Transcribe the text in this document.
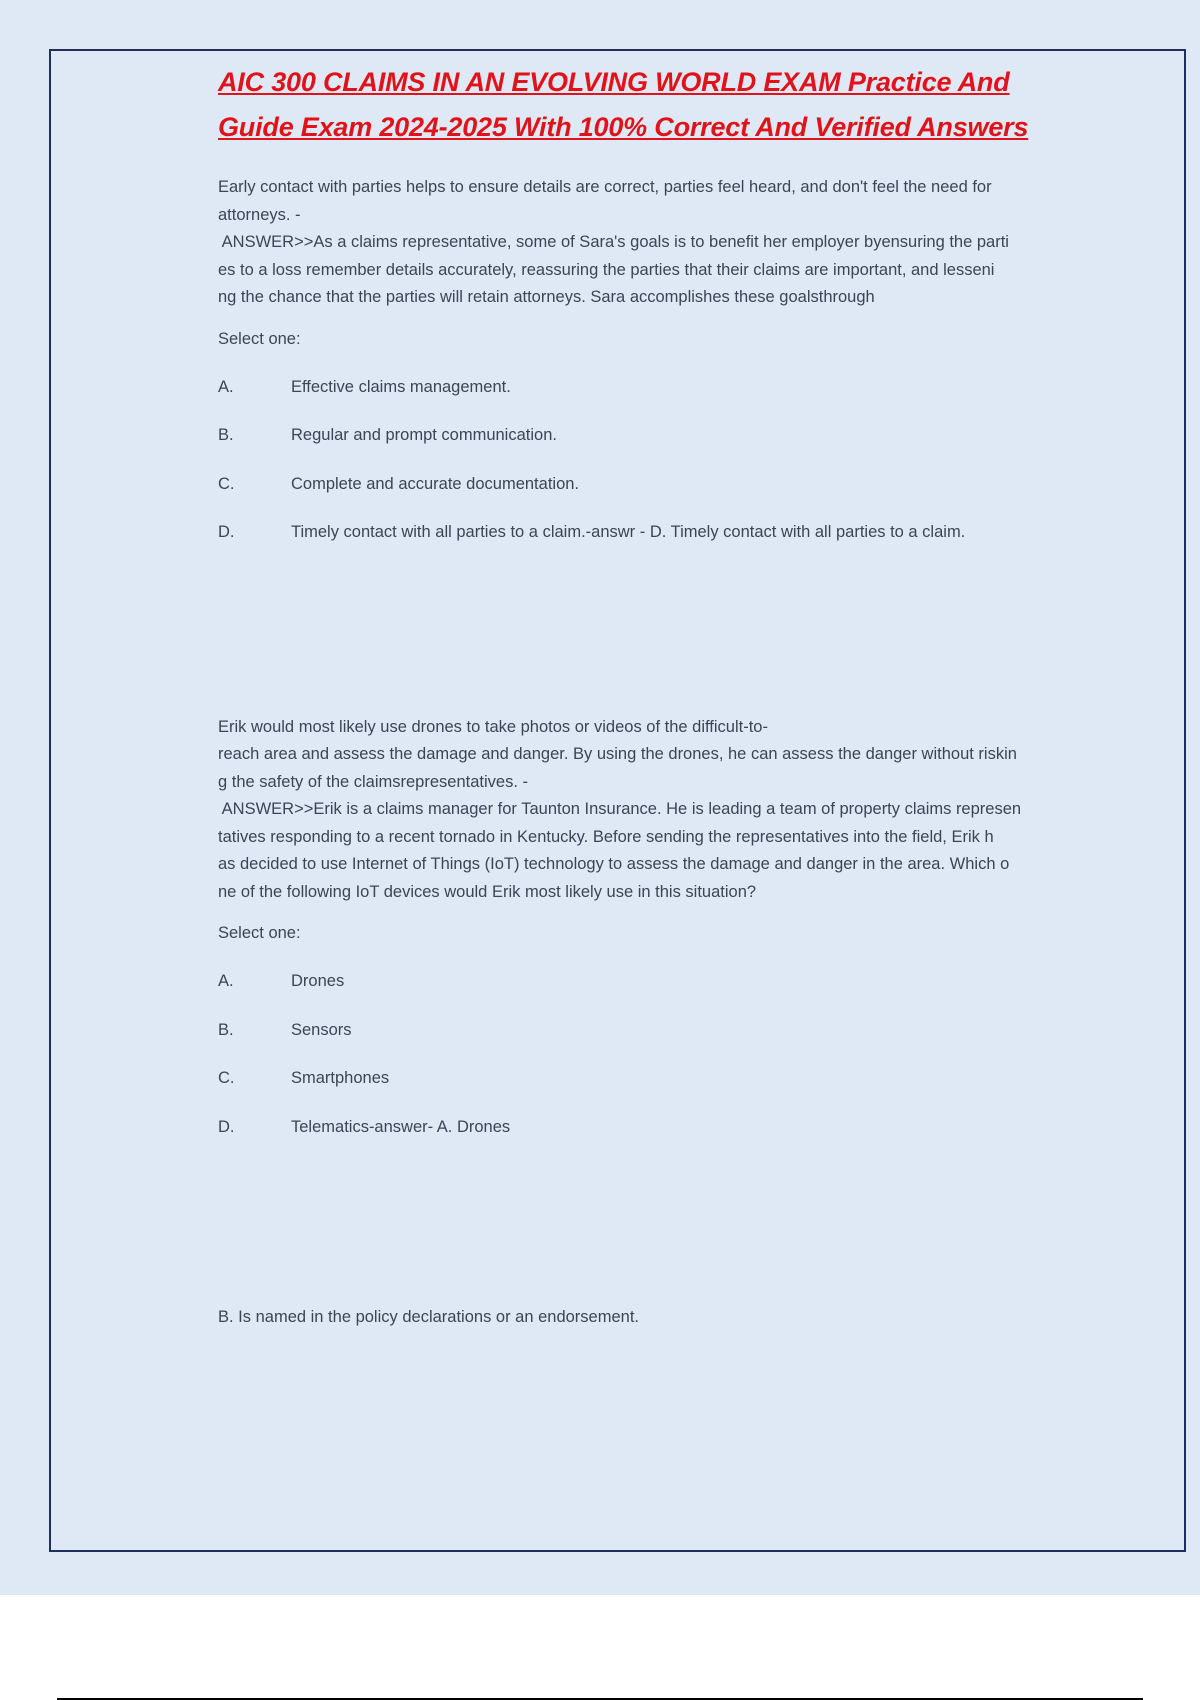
AIC 300 CLAIMS IN AN EVOLVING WORLD EXAM Practice And
Guide Exam 2024-2025 With 100% Correct And Verified Answers

Early contact with parties helps to ensure details are correct, parties feel heard, and don't feel the need for
attorneys. -
ANSWER>>As a claims representative, some of Sara's goals is to benefit her employer byensuring the parti
es to a loss remember details accurately, reassuring the parties that their claims are important, and lesseni
ng the chance that the parties will retain attorneys. Sara accomplishes these goalsthrough

Select one:

A.	Effective claims management.
B.	Regular and prompt communication.
C.	Complete and accurate documentation.
D.	Timely contact with all parties to a claim.-answr - D. Timely contact with all parties to a claim.

Erik would most likely use drones to take photos or videos of the difficult-to-
reach area and assess the damage and danger. By using the drones, he can assess the danger without riskin
g the safety of the claimsrepresentatives. -
ANSWER>>Erik is a claims manager for Taunton Insurance. He is leading a team of property claims represen
tatives responding to a recent tornado in Kentucky. Before sending the representatives into the field, Erik h
as decided to use Internet of Things (IoT) technology to assess the damage and danger in the area. Which o
ne of the following IoT devices would Erik most likely use in this situation?

Select one:

A.	Drones
B.	Sensors
C.	Smartphones
D.	Telematics-answer- A. Drones

B. Is named in the policy declarations or an endorsement.
